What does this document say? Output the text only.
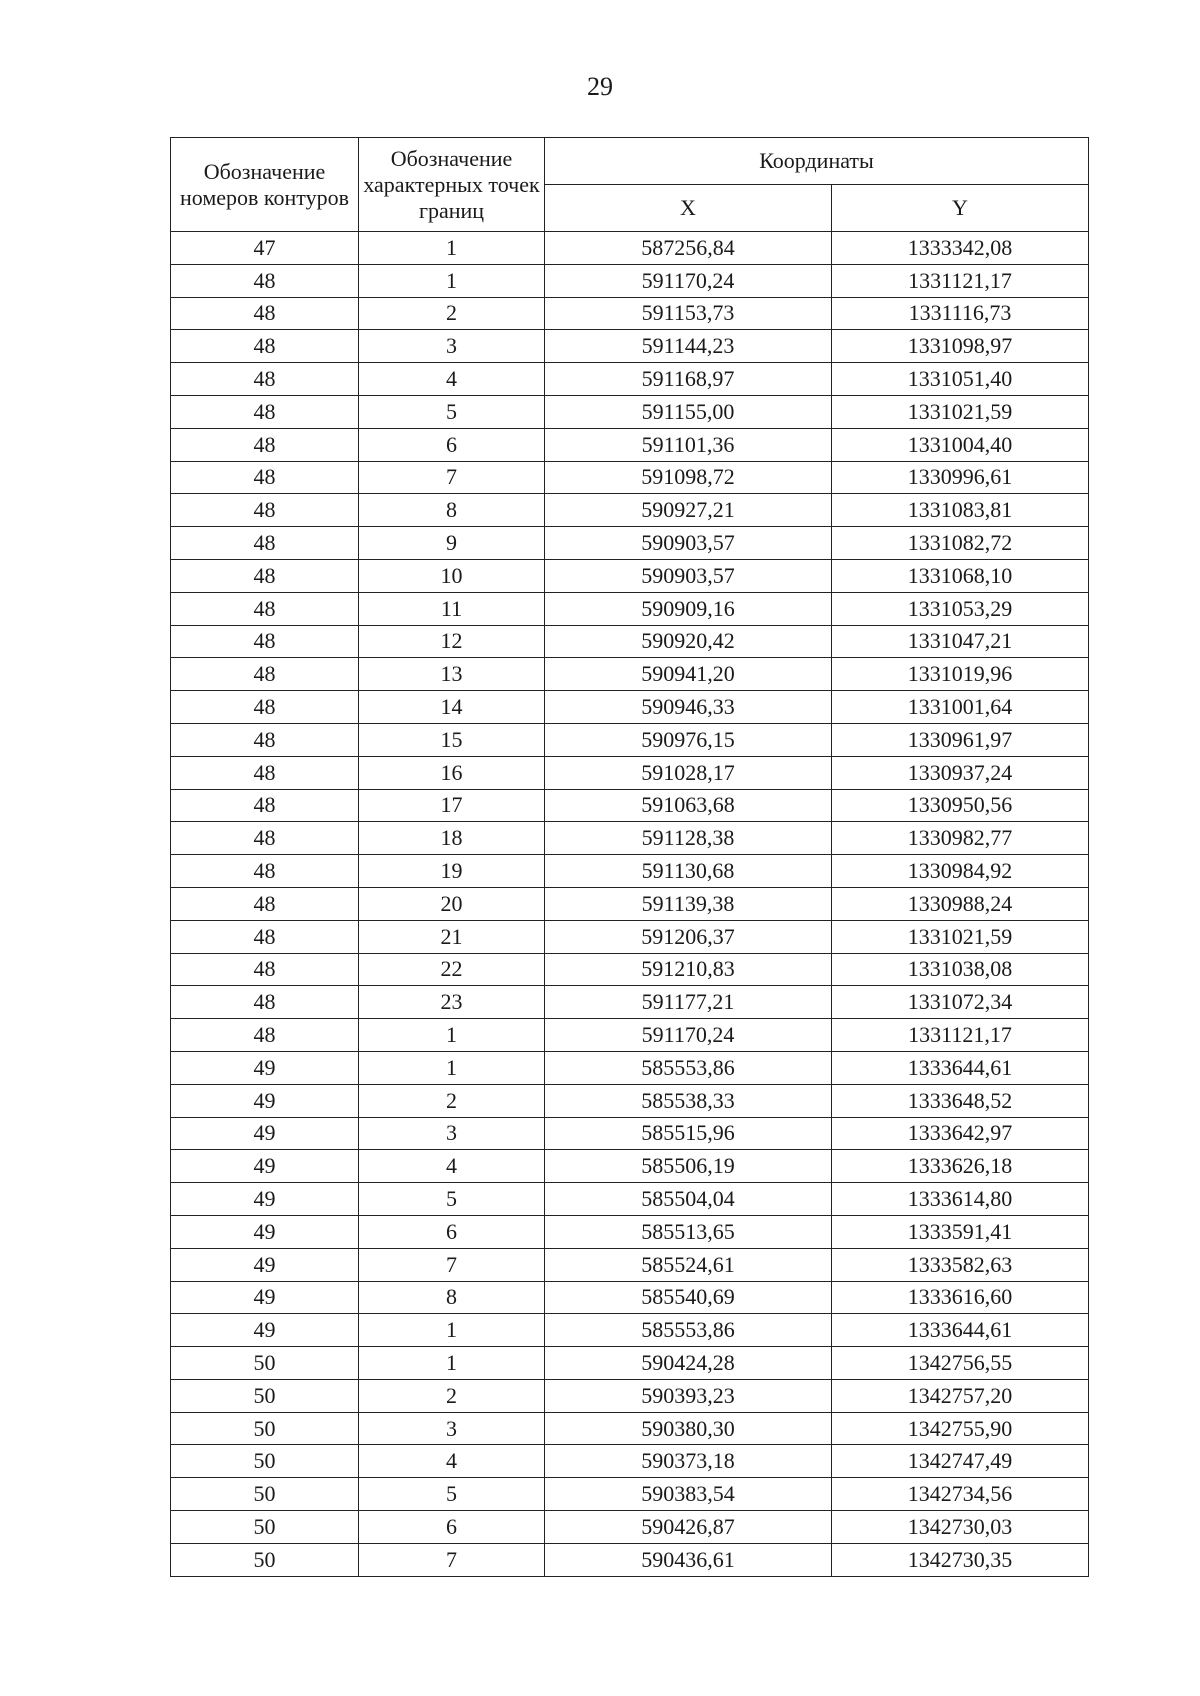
29
Обозначение номеров контуров	Обозначение характерных точек границ	Координаты	
		X	Y
47	1	587256,84	1333342,08
48	1	591170,24	1331121,17
48	2	591153,73	1331116,73
48	3	591144,23	1331098,97
48	4	591168,97	1331051,40
48	5	591155,00	1331021,59
48	6	591101,36	1331004,40
48	7	591098,72	1330996,61
48	8	590927,21	1331083,81
48	9	590903,57	1331082,72
48	10	590903,57	1331068,10
48	11	590909,16	1331053,29
48	12	590920,42	1331047,21
48	13	590941,20	1331019,96
48	14	590946,33	1331001,64
48	15	590976,15	1330961,97
48	16	591028,17	1330937,24
48	17	591063,68	1330950,56
48	18	591128,38	1330982,77
48	19	591130,68	1330984,92
48	20	591139,38	1330988,24
48	21	591206,37	1331021,59
48	22	591210,83	1331038,08
48	23	591177,21	1331072,34
48	1	591170,24	1331121,17
49	1	585553,86	1333644,61
49	2	585538,33	1333648,52
49	3	585515,96	1333642,97
49	4	585506,19	1333626,18
49	5	585504,04	1333614,80
49	6	585513,65	1333591,41
49	7	585524,61	1333582,63
49	8	585540,69	1333616,60
49	1	585553,86	1333644,61
50	1	590424,28	1342756,55
50	2	590393,23	1342757,20
50	3	590380,30	1342755,90
50	4	590373,18	1342747,49
50	5	590383,54	1342734,56
50	6	590426,87	1342730,03
50	7	590436,61	1342730,35
